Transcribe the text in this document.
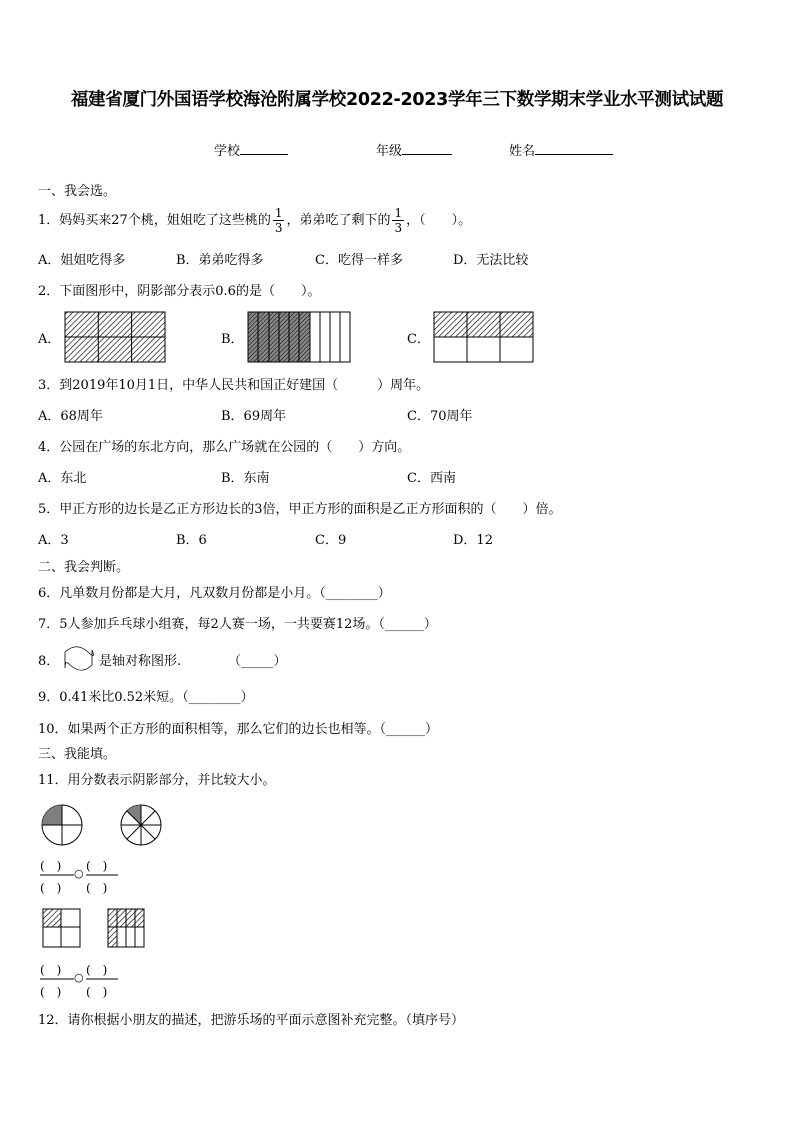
福建省厦门外国语学校海沧附属学校2022-2023学年三下数学期末学业水平测试试题
学校	年级	姓名
一、我会选。
1．妈妈买来27个桃，姐姐吃了这些桃的 $\frac{1}{3}$ ，弟弟吃了剩下的 $\frac{1}{3}$ ，（　　）。
A．姐姐吃得多	B．弟弟吃得多	C．吃得一样多	D．无法比较
2．下面图形中，阴影部分表示0.6的是（　　）。
A．	B．	C．
3．到2019年10月1日，中华人民共和国正好建国（　　　）周年。
A．68周年	B．69周年	C．70周年
4．公园在广场的东北方向，那么广场就在公园的（　　）方向。
A．东北	B．东南	C．西南
5．甲正方形的边长是乙正方形边长的3倍，甲正方形的面积是乙正方形面积的（　　）倍。
A．3	B．6	C．9	D．12
二、我会判断。
6．凡单数月份都是大月，凡双数月份都是小月。（________）
7．5人参加乒乓球小组赛，每2人赛一场，一共要赛12场。（______）
8．	是轴对称图形.	（_____）
9．0.41米比0.52米短。（________）
10．如果两个正方形的面积相等，那么它们的边长也相等。（______）
三、我能填。
11．用分数表示阴影部分，并比较大小。
(　)
(　)
○
(　)
(　)
(　)
(　)
○
(　)
(　)
12．请你根据小朋友的描述，把游乐场的平面示意图补充完整。（填序号）
